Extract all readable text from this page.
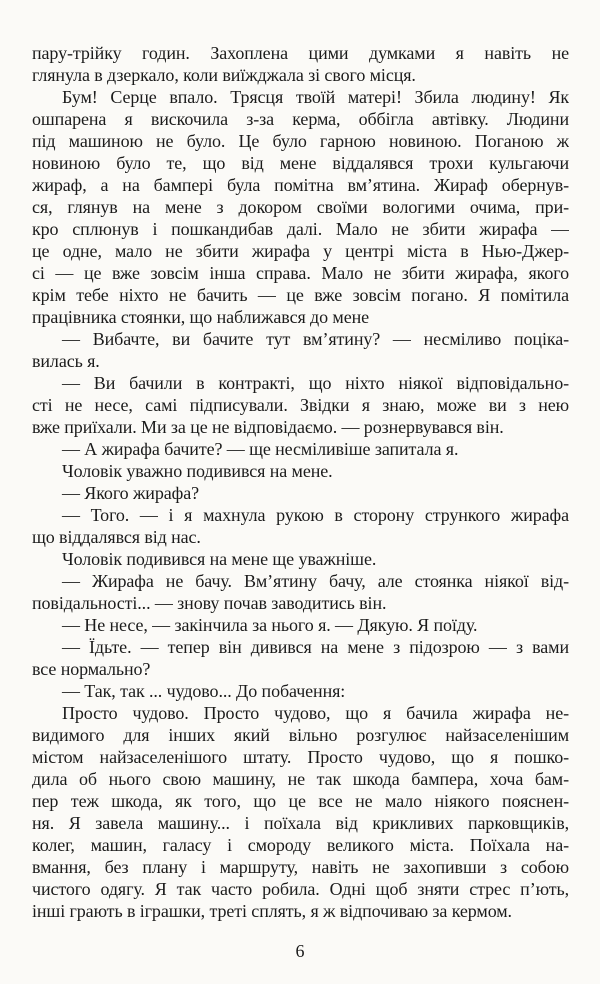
пару-трійку годин. Захоплена цими думками я навіть не
глянула в дзеркало, коли виїжджала зі свого місця.
Бум! Серце впало. Трясця твоїй матері! Збила людину! Як
ошпарена я вискочила з-за керма, оббігла автівку. Людини
під машиною не було. Це було гарною новиною. Поганою ж
новиною було те, що від мене віддалявся трохи кульгаючи
жираф, а на бампері була помітна вм’ятина. Жираф обернув-
ся, глянув на мене з докором своїми вологими очима, при-
кро сплюнув і пошкандибав далі. Мало не збити жирафа —
це одне, мало не збити жирафа у центрі міста в Нью-Джер-
сі — це вже зовсім інша справа. Мало не збити жирафа, якого
крім тебе ніхто не бачить — це вже зовсім погано. Я помітила
працівника стоянки, що наближався до мене
— Вибачте, ви бачите тут вм’ятину? — несміливо поціка-
вилась я.
— Ви бачили в контракті, що ніхто ніякої відповідально-
сті не несе, самі підписували. Звідки я знаю, може ви з нею
вже приїхали. Ми за це не відповідаємо. — рознервувався він.
— А жирафа бачите? — ще несміливіше запитала я.
Чоловік уважно подивився на мене.
— Якого жирафа?
— Того. — і я махнула рукою в сторону стрункого жирафа
що віддалявся від нас.
Чоловік подивився на мене ще уважніше.
— Жирафа не бачу. Вм’ятину бачу, але стоянка ніякої від-
повідальності... — знову почав заводитись він.
— Не несе, — закінчила за нього я. — Дякую. Я поїду.
— Їдьте. — тепер він дивився на мене з підозрою — з вами
все нормально?
— Так, так ... чудово... До побачення:
Просто чудово. Просто чудово, що я бачила жирафа не-
видимого для інших який вільно розгулює найзаселенішим
містом найзаселенішого штату. Просто чудово, що я пошко-
дила об нього свою машину, не так шкода бампера, хоча бам-
пер теж шкода, як того, що це все не мало ніякого пояснен-
ня. Я завела машину... і поїхала від крикливих парковщиків,
колег, машин, галасу і смороду великого міста. Поїхала на-
вмання, без плану і маршруту, навіть не захопивши з собою
чистого одягу. Я так часто робила. Одні щоб зняти стрес п’ють,
інші грають в іграшки, треті сплять, я ж відпочиваю за кермом.
6
